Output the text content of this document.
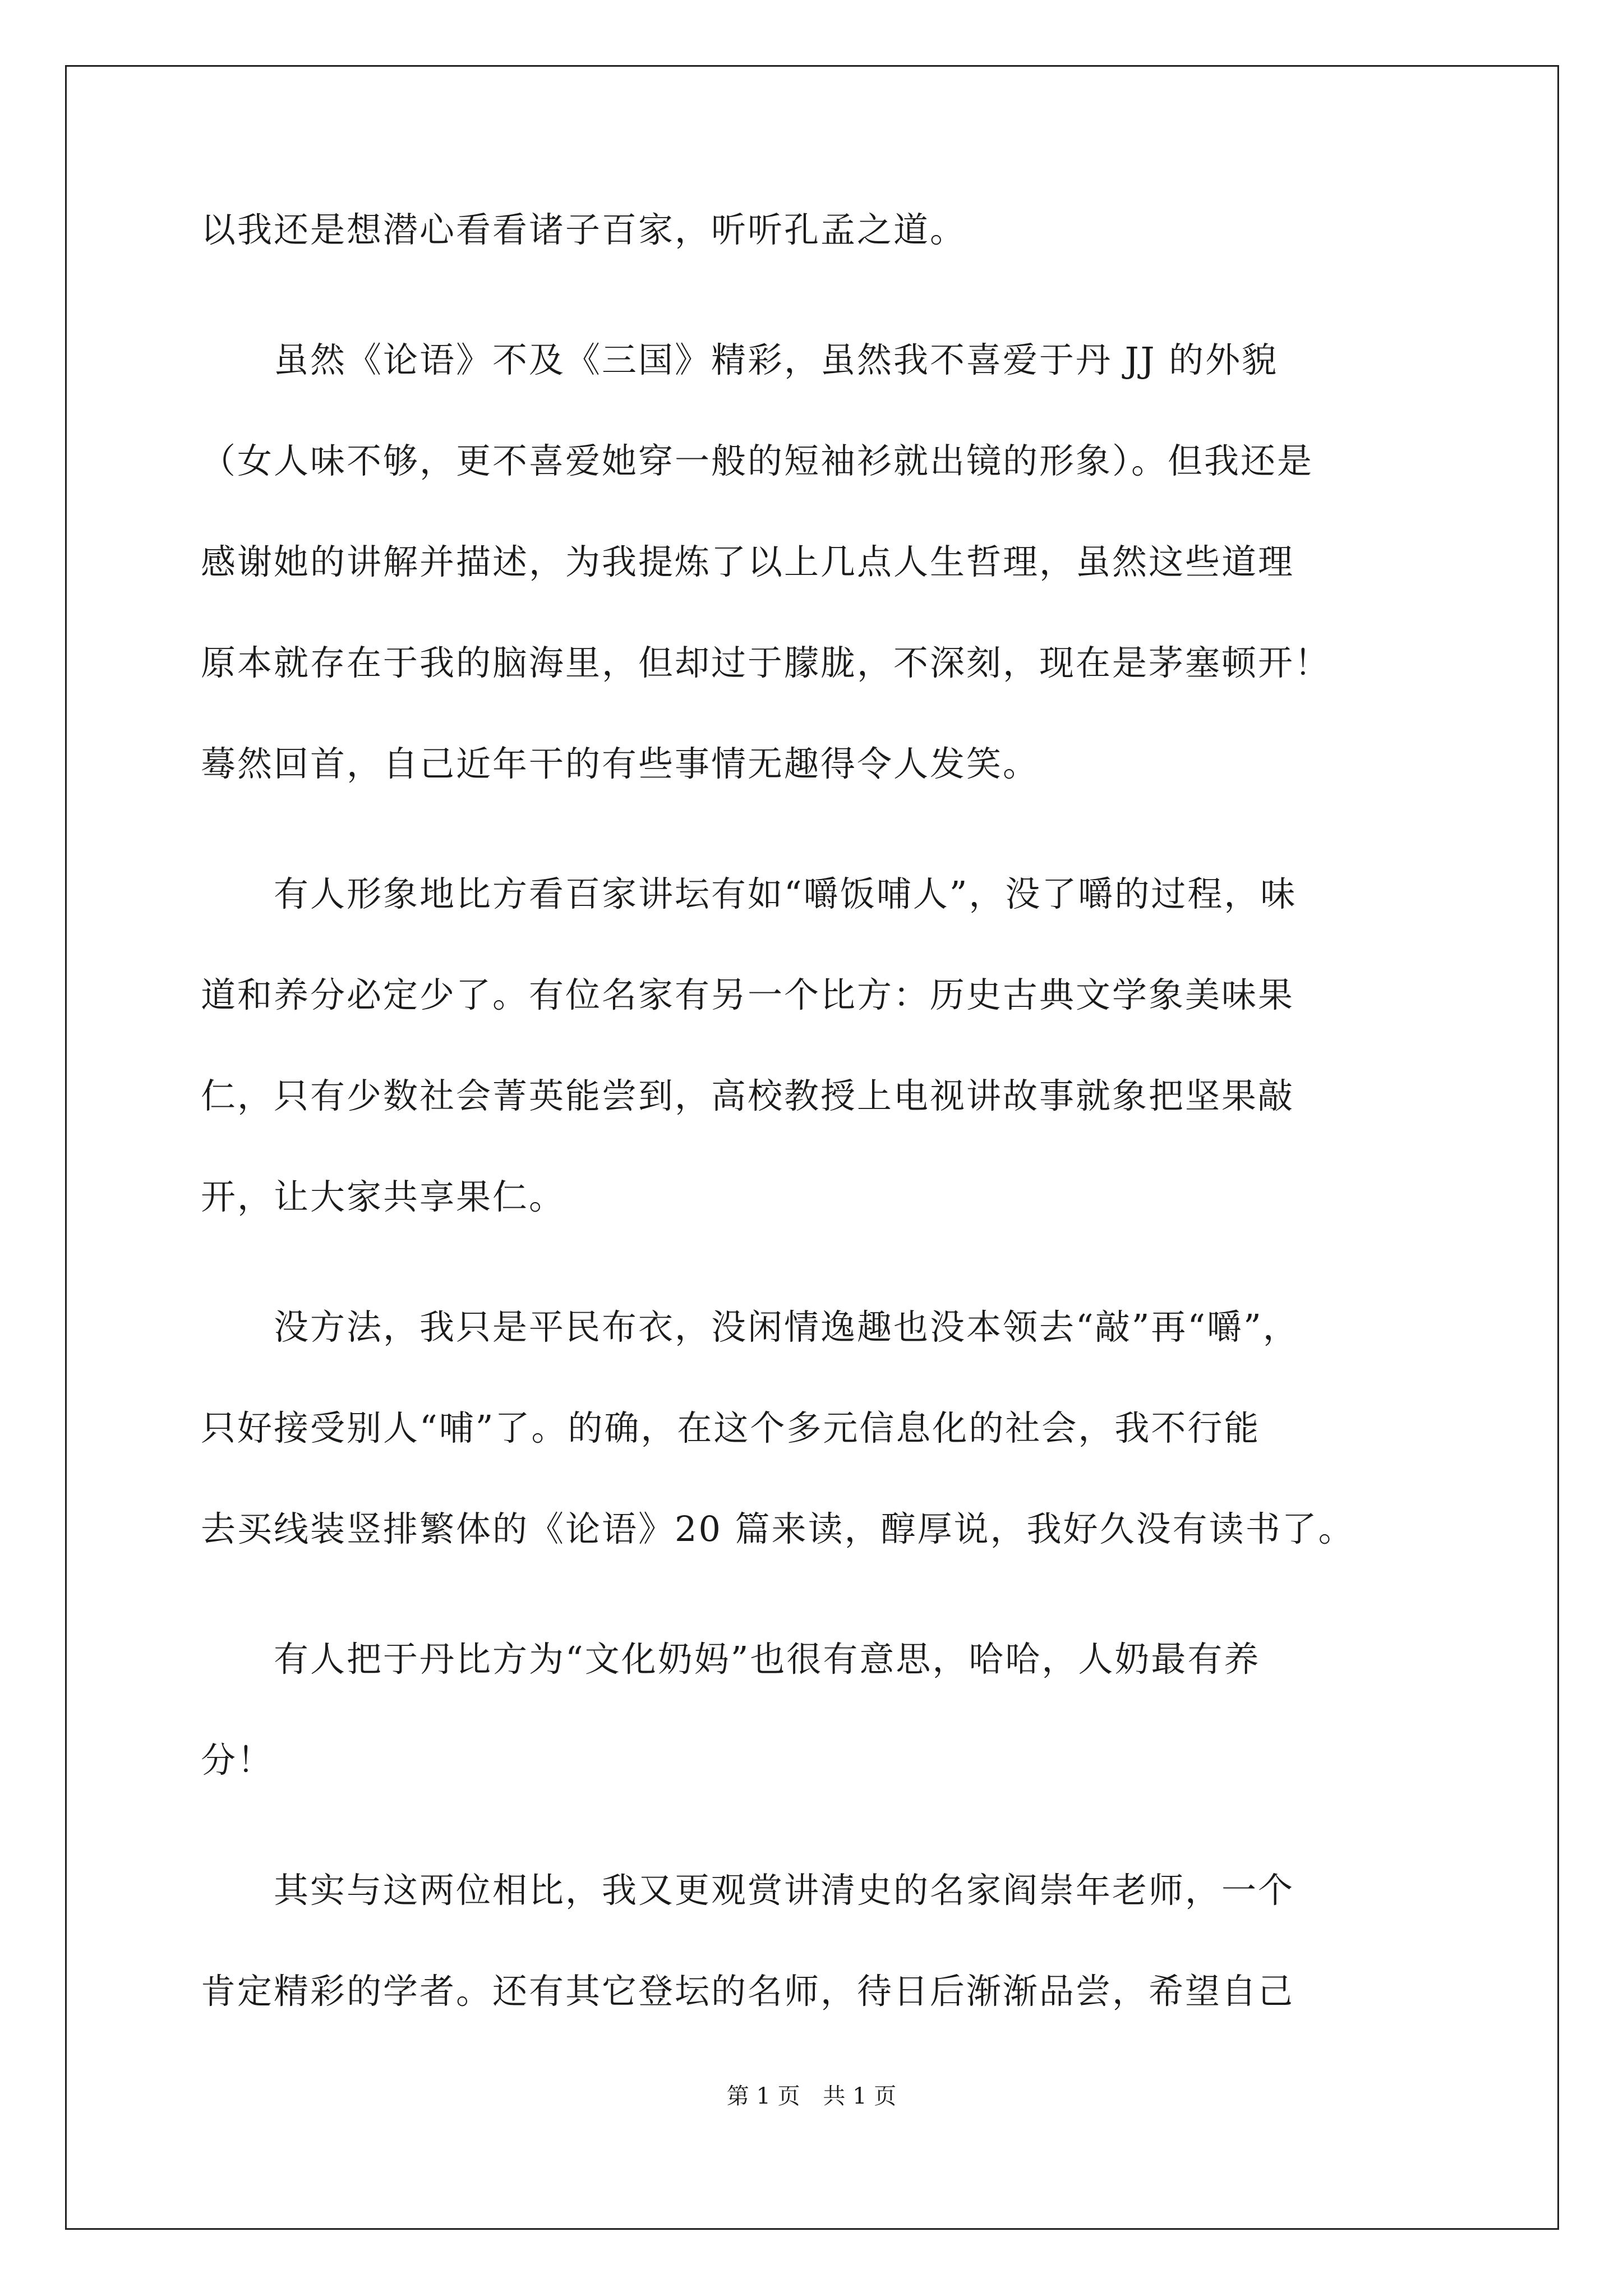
以我还是想潜心看看诸子百家，听听孔孟之道。
　　虽然《论语》不及《三国》精彩，虽然我不喜爱于丹 JJ 的外貌
（女人味不够，更不喜爱她穿一般的短袖衫就出镜的形象）。但我还是
感谢她的讲解并描述，为我提炼了以上几点人生哲理，虽然这些道理
原本就存在于我的脑海里，但却过于朦胧，不深刻，现在是茅塞顿开！
蓦然回首，自己近年干的有些事情无趣得令人发笑。
　　有人形象地比方看百家讲坛有如“嚼饭哺人”，没了嚼的过程，味
道和养分必定少了。有位名家有另一个比方：历史古典文学象美味果
仁，只有少数社会菁英能尝到，高校教授上电视讲故事就象把坚果敲
开，让大家共享果仁。
　　没方法，我只是平民布衣，没闲情逸趣也没本领去“敲”再“嚼”，
只好接受别人“哺”了。的确，在这个多元信息化的社会，我不行能
去买线装竖排繁体的《论语》20 篇来读，醇厚说，我好久没有读书了。
　　有人把于丹比方为“文化奶妈”也很有意思，哈哈，人奶最有养
分！
　　其实与这两位相比，我又更观赏讲清史的名家阎崇年老师，一个
肯定精彩的学者。还有其它登坛的名师，待日后渐渐品尝，希望自己
第 1 页 共 1 页
